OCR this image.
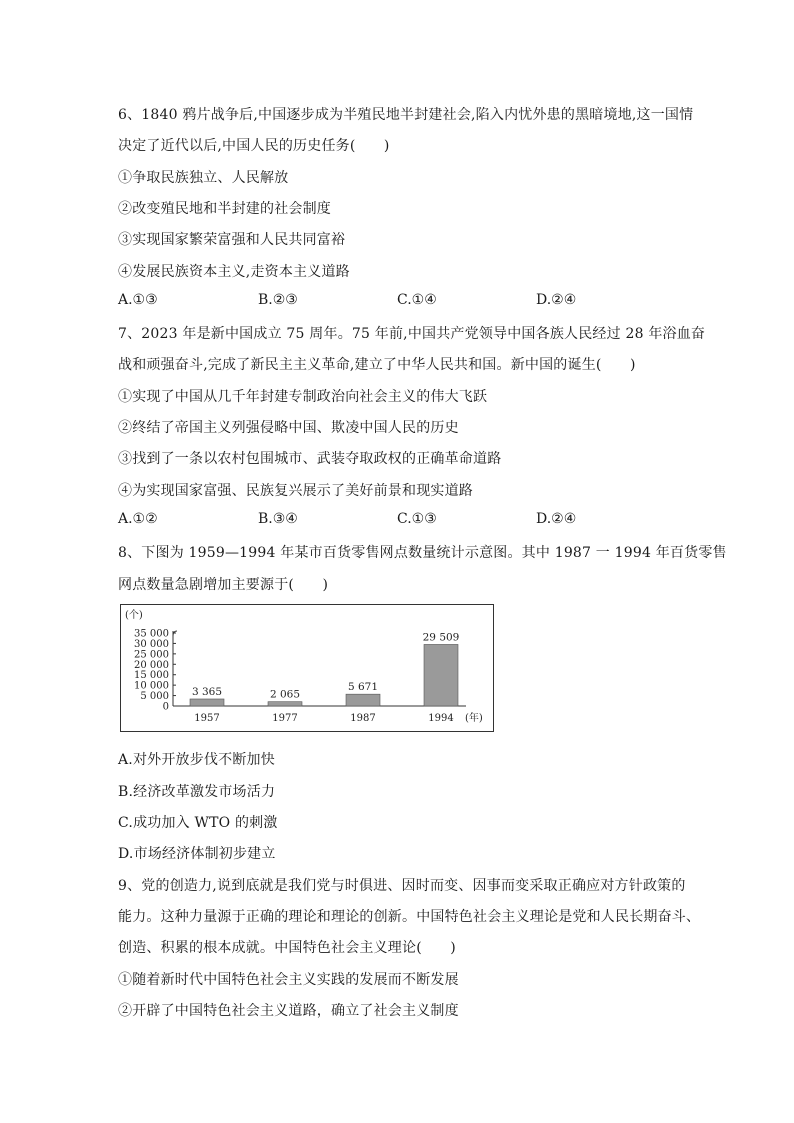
6、1840 鸦片战争后,中国逐步成为半殖民地半封建社会,陷入内忧外患的黑暗境地,这一国情
决定了近代以后,中国人民的历史任务(　　)
①争取民族独立、人民解放
②改变殖民地和半封建的社会制度
③实现国家繁荣富强和人民共同富裕
④发展民族资本主义,走资本主义道路
A.①③	B.②③	C.①④	D.②④
7、2023 年是新中国成立 75 周年。75 年前,中国共产党领导中国各族人民经过 28 年浴血奋
战和顽强奋斗,完成了新民主主义革命,建立了中华人民共和国。新中国的诞生(　　)
①实现了中国从几千年封建专制政治向社会主义的伟大飞跃
②终结了帝国主义列强侵略中国、欺凌中国人民的历史
③找到了一条以农村包围城市、武装夺取政权的正确革命道路
④为实现国家富强、民族复兴展示了美好前景和现实道路
A.①②	B.③④	C.①③	D.②④
8、下图为 1959—1994 年某市百货零售网点数量统计示意图。其中 1987 一 1994 年百货零售
网点数量急剧增加主要源于(　　)
(个)
0
5 000
10 000
15 000
20 000
25 000
30 000
35 000
3 365
1957
2 065
1977
5 671
1987
29 509
1994 (年)
A.对外开放步伐不断加快
B.经济改革激发市场活力
C.成功加入 WTO 的刺激
D.市场经济体制初步建立
9、党的创造力,说到底就是我们党与时俱进、因时而变、因事而变采取正确应对方针政策的
能力。这种力量源于正确的理论和理论的创新。中国特色社会主义理论是党和人民长期奋斗、
创造、积累的根本成就。中国特色社会主义理论(　　)
①随着新时代中国特色社会主义实践的发展而不断发展
②开辟了中国特色社会主义道路，确立了社会主义制度
